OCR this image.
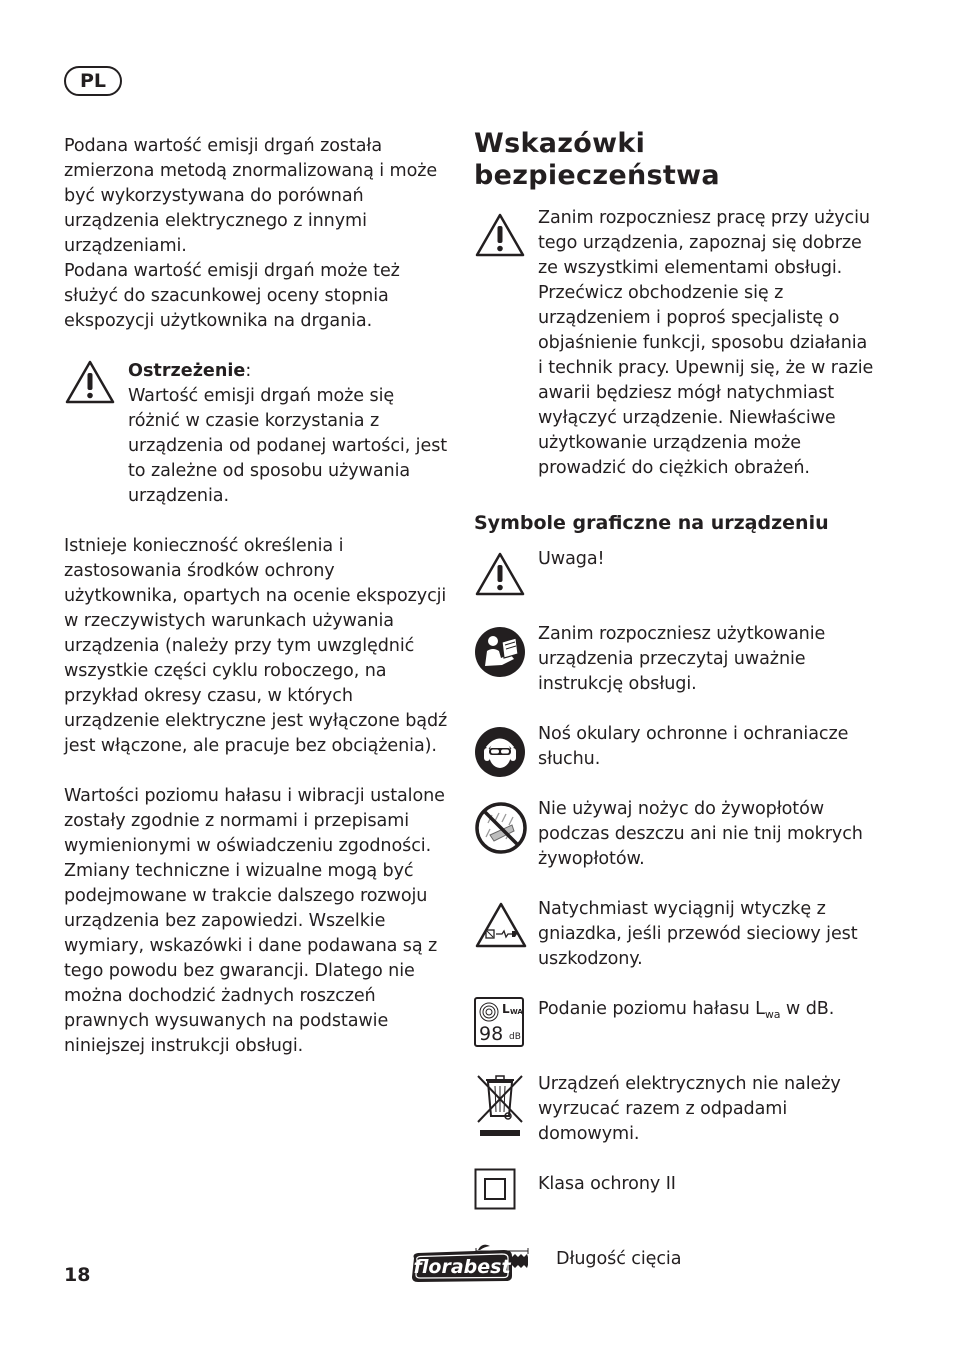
PL

Podana wartość emisji drgań została zmierzona metodą znormalizowaną i może być wykorzystywana do porównań urządzenia elektrycznego z innymi urządzeniami.

Podana wartość emisji drgań może też służyć do szacunkowej oceny stopnia ekspozycji użytkownika na drgania.

Ostrzeżenie:

Wartość emisji drgań może się różnić w czasie korzystania z urządzenia od podanej wartości, jest to zależne od sposobu używania urządzenia.

Istnieje konieczność określenia i zastosowania środków ochrony użytkownika, opartych na ocenie ekspozycji w rzeczywistych warunkach używania urządzenia (należy przy tym uwzględnić wszystkie części cyklu roboczego, na przykład okresy czasu, w których urządzenie elektryczne jest wyłączone bądź jest włączone, ale pracuje bez obciążenia).

Wartości poziomu hałasu i wibracji ustalone zostały zgodnie z normami i przepisami wymienionymi w oświadczeniu zgodności. Zmiany techniczne i wizualne mogą być podejmowane w trakcie dalszego rozwoju urządzenia bez zapowiedzi. Wszelkie wymiary, wskazówki i dane podawana są z tego powodu bez gwarancji. Dlatego nie można dochodzić żadnych roszczeń prawnych wysuwanych na podstawie niniejszej instrukcji obsługi.

Wskazówki bezpieczeństwa

Zanim rozpoczniesz pracę przy użyciu tego urządzenia, zapoznaj się dobrze ze wszystkimi elementami obsługi. Przećwicz obchodzenie się z urządzeniem i poproś specjalistę o objaśnienie funkcji, sposobu działania i technik pracy. Upewnij się, że w razie awarii będziesz mógł natychmiast wyłączyć urządzenie. Niewłaściwe użytkowanie urządzenia może prowadzić do ciężkich obrażeń.

Symbole graficzne na urządzeniu

Uwaga!

Zanim rozpoczniesz użytkowanie urządzenia przeczytaj uważnie instrukcję obsługi.

Noś okulary ochronne i ochraniacze słuchu.

Nie używaj nożyc do żywopłotów podczas deszczu ani nie tnij mokrych żywopłotów.

Natychmiast wyciągnij wtyczkę z gniazdka, jeśli przewód sieciowy jest uszkodzony.

L WA
98 dB

Podanie poziomu hałasu $L_{wa}$ w dB.

Urządzeń elektrycznych nie należy wyrzucać razem z odpadami domowymi.

Klasa ochrony II

Długość cięcia

18	florabest
